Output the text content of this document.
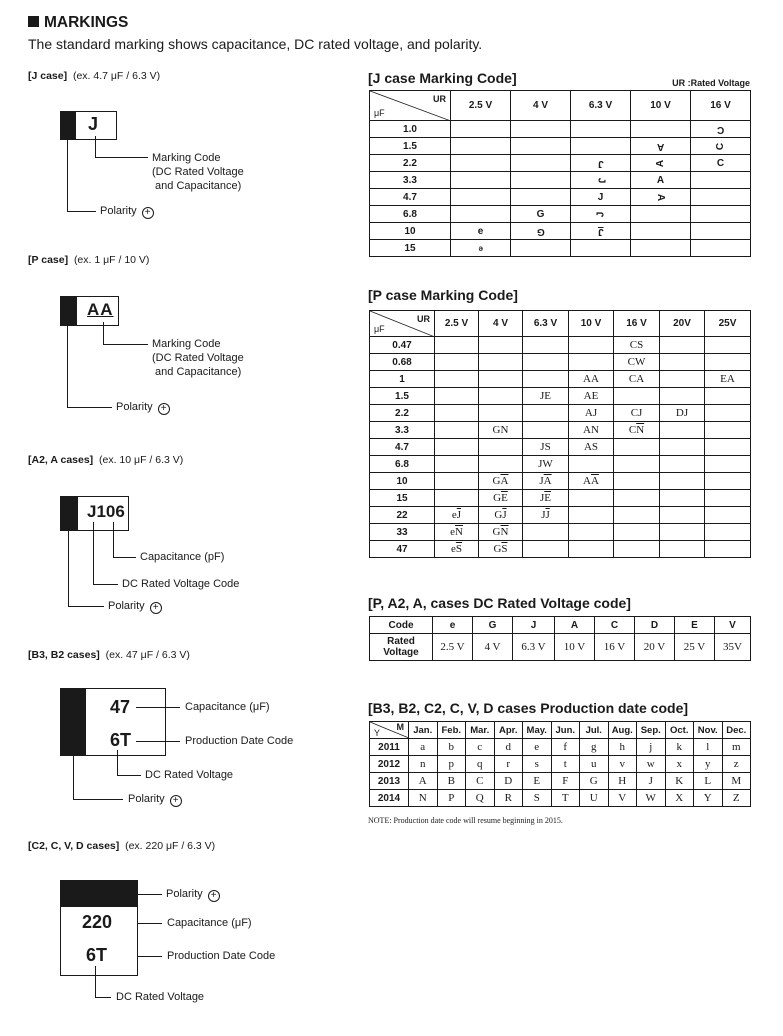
MARKINGS
The standard marking shows capacitance, DC rated voltage, and polarity.
[J case] (ex. 4.7 μF / 6.3 V)
J
Marking Code
(DC Rated Voltage
and Capacitance)
Polarity +
[P case] (ex. 1 μF / 10 V)
AA
Marking Code
(DC Rated Voltage
and Capacitance)
Polarity +
[A2, A cases] (ex. 10 μF / 6.3 V)
J106
Capacitance (pF)
DC Rated Voltage Code
Polarity +
[B3, B2 cases] (ex. 47 μF / 6.3 V)
47
6T
Capacitance (μF)
Production Date Code
DC Rated Voltage
Polarity +
[C2, C, V, D cases] (ex. 220 μF / 6.3 V)
220
6T
Polarity +
Capacitance (μF)
Production Date Code
DC Rated Voltage
[J case Marking Code]	UR :Rated Voltage
UR
μF	2.5 V	4 V	6.3 V	10 V	16 V
1.0					C
1.5				A	C
2.2			J	A	C
3.3			J	A	
4.7			J	A	
6.8		G	J		
10	e	G	J		
15	e				
[P case Marking Code]
UR
μF	2.5 V	4 V	6.3 V	10 V	16 V	20V	25V
0.47					CS		
0.68					CW		
1				AA	CA		EA
1.5			JE	AE			
2.2				AJ	CJ	DJ	
3.3		GN		AN	$C\overline{N}$		
4.7			JS	AS			
6.8			JW				
10		$G\overline{A}$	$J\overline{A}$	$A\overline{A}$			
15		$G\overline{E}$	$J\overline{E}$				
22	$e\overline{J}$	$G\overline{J}$	$J\overline{J}$				
33	$e\overline{N}$	$G\overline{N}$					
47	$e\overline{S}$	$G\overline{S}$					
[P, A2, A, cases DC Rated Voltage code]
Code	e	G	J	A	C	D	E	V
Rated Voltage	2.5 V	4 V	6.3 V	10 V	16 V	20 V	25 V	35V
[B3, B2, C2, C, V, D cases Production date code]
M
Y	Jan.	Feb.	Mar.	Apr.	May.	Jun.	Jul.	Aug.	Sep.	Oct.	Nov.	Dec.
2011	a	b	c	d	e	f	g	h	j	k	l	m
2012	n	p	q	r	s	t	u	v	w	x	y	z
2013	A	B	C	D	E	F	G	H	J	K	L	M
2014	N	P	Q	R	S	T	U	V	W	X	Y	Z
NOTE: Production date code will resume beginning in 2015.
